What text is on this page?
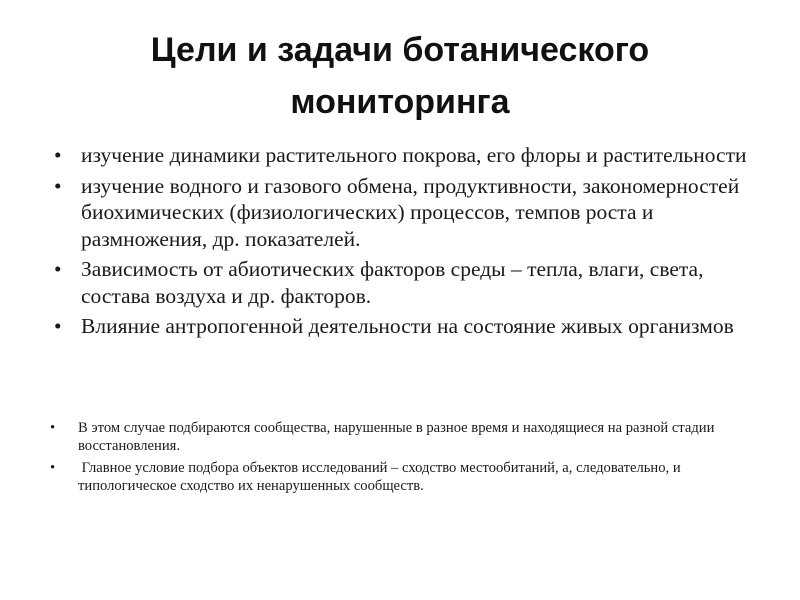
Цели и задачи ботанического
мониторинга
• изучение динамики растительного покрова, его флоры и растительности
• изучение водного и газового обмена, продуктивности, закономерностей биохимических (физиологических) процессов, темпов роста и размножения, др. показателей.
• Зависимость от абиотических факторов среды – тепла, влаги, света, состава воздуха и др. факторов.
• Влияние антропогенной деятельности на состояние живых организмов
• В этом случае подбираются сообщества, нарушенные в разное время и находящиеся на разной стадии восстановления.
• Главное условие подбора объектов исследований – сходство местообитаний, а, следовательно, и типологическое сходство их ненарушенных сообществ.
